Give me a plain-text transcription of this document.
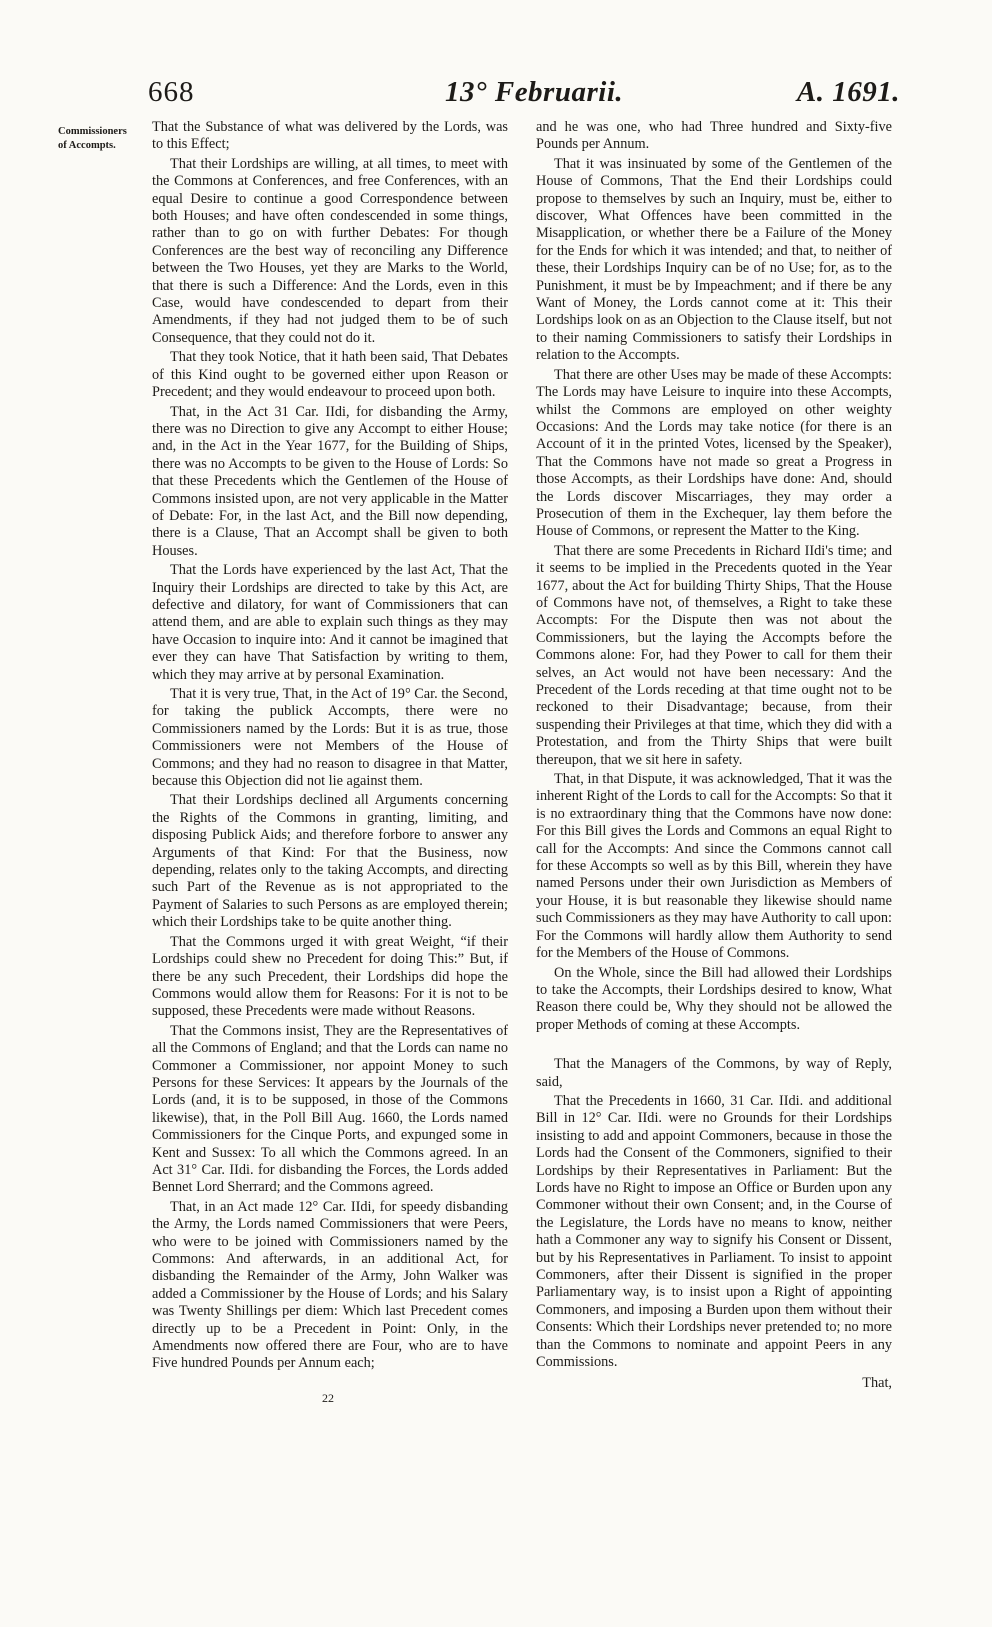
668	13° Februarii.	A. 1691.
Commissioners of Accompts.

That the Substance of what was delivered by the Lords, was to this Effect;

That their Lordships are willing, at all times, to meet with the Commons at Conferences, and free Conferences, with an equal Desire to continue a good Correspondence between both Houses; and have often condescended in some things, rather than to go on with further Debates: For though Conferences are the best way of reconciling any Difference between the Two Houses, yet they are Marks to the World, that there is such a Difference: And the Lords, even in this Case, would have condescended to depart from their Amendments, if they had not judged them to be of such Consequence, that they could not do it.

That they took Notice, that it hath been said, That Debates of this Kind ought to be governed either upon Reason or Precedent; and they would endeavour to proceed upon both.

That, in the Act 31 Car. IIdi, for disbanding the Army, there was no Direction to give any Accompt to either House; and, in the Act in the Year 1677, for the Building of Ships, there was no Accompts to be given to the House of Lords: So that these Precedents which the Gentlemen of the House of Commons insisted upon, are not very applicable in the Matter of Debate: For, in the last Act, and the Bill now depending, there is a Clause, That an Accompt shall be given to both Houses.

That the Lords have experienced by the last Act, That the Inquiry their Lordships are directed to take by this Act, are defective and dilatory, for want of Commissioners that can attend them, and are able to explain such things as they may have Occasion to inquire into: And it cannot be imagined that ever they can have That Satisfaction by writing to them, which they may arrive at by personal Examination.

That it is very true, That, in the Act of 19° Car. the Second, for taking the publick Accompts, there were no Commissioners named by the Lords: But it is as true, those Commissioners were not Members of the House of Commons; and they had no reason to disagree in that Matter, because this Objection did not lie against them.

That their Lordships declined all Arguments concerning the Rights of the Commons in granting, limiting, and disposing Publick Aids; and therefore forbore to answer any Arguments of that Kind: For that the Business, now depending, relates only to the taking Accompts, and directing such Part of the Revenue as is not appropriated to the Payment of Salaries to such Persons as are employed therein; which their Lordships take to be quite another thing.

That the Commons urged it with great Weight, “if their Lordships could shew no Precedent for doing This:” But, if there be any such Precedent, their Lordships did hope the Commons would allow them for Reasons: For it is not to be supposed, these Precedents were made without Reasons.

That the Commons insist, They are the Representatives of all the Commons of England; and that the Lords can name no Commoner a Commissioner, nor appoint Money to such Persons for these Services: It appears by the Journals of the Lords (and, it is to be supposed, in those of the Commons likewise), that, in the Poll Bill Aug. 1660, the Lords named Commissioners for the Cinque Ports, and expunged some in Kent and Sussex: To all which the Commons agreed. In an Act 31° Car. IIdi. for disbanding the Forces, the Lords added Bennet Lord Sherrard; and the Commons agreed.

That, in an Act made 12° Car. IIdi, for speedy disbanding the Army, the Lords named Commissioners that were Peers, who were to be joined with Commissioners named by the Commons: And afterwards, in an additional Act, for disbanding the Remainder of the Army, John Walker was added a Commissioner by the House of Lords; and his Salary was Twenty Shillings per diem: Which last Precedent comes directly up to be a Precedent in Point: Only, in the Amendments now offered there are Four, who are to have Five hundred Pounds per Annum each;

and he was one, who had Three hundred and Sixty-five Pounds per Annum.

That it was insinuated by some of the Gentlemen of the House of Commons, That the End their Lordships could propose to themselves by such an Inquiry, must be, either to discover, What Offences have been committed in the Misapplication, or whether there be a Failure of the Money for the Ends for which it was intended; and that, to neither of these, their Lordships Inquiry can be of no Use; for, as to the Punishment, it must be by Impeachment; and if there be any Want of Money, the Lords cannot come at it: This their Lordships look on as an Objection to the Clause itself, but not to their naming Commissioners to satisfy their Lordships in relation to the Accompts.

That there are other Uses may be made of these Accompts: The Lords may have Leisure to inquire into these Accompts, whilst the Commons are employed on other weighty Occasions: And the Lords may take notice (for there is an Account of it in the printed Votes, licensed by the Speaker), That the Commons have not made so great a Progress in those Accompts, as their Lordships have done: And, should the Lords discover Miscarriages, they may order a Prosecution of them in the Exchequer, lay them before the House of Commons, or represent the Matter to the King.

That there are some Precedents in Richard IIdi's time; and it seems to be implied in the Precedents quoted in the Year 1677, about the Act for building Thirty Ships, That the House of Commons have not, of themselves, a Right to take these Accompts: For the Dispute then was not about the Commissioners, but the laying the Accompts before the Commons alone: For, had they Power to call for them their selves, an Act would not have been necessary: And the Precedent of the Lords receding at that time ought not to be reckoned to their Disadvantage; because, from their suspending their Privileges at that time, which they did with a Protestation, and from the Thirty Ships that were built thereupon, that we sit here in safety.

That, in that Dispute, it was acknowledged, That it was the inherent Right of the Lords to call for the Accompts: So that it is no extraordinary thing that the Commons have now done: For this Bill gives the Lords and Commons an equal Right to call for the Accompts: And since the Commons cannot call for these Accompts so well as by this Bill, wherein they have named Persons under their own Jurisdiction as Members of your House, it is but reasonable they likewise should name such Commissioners as they may have Authority to call upon: For the Commons will hardly allow them Authority to send for the Members of the House of Commons.

On the Whole, since the Bill had allowed their Lordships to take the Accompts, their Lordships desired to know, What Reason there could be, Why they should not be allowed the proper Methods of coming at these Accompts.

That the Managers of the Commons, by way of Reply, said,

That the Precedents in 1660, 31 Car. IIdi. and additional Bill in 12° Car. IIdi. were no Grounds for their Lordships insisting to add and appoint Commoners, because in those the Lords had the Consent of the Commoners, signified to their Lordships by their Representatives in Parliament: But the Lords have no Right to impose an Office or Burden upon any Commoner without their own Consent; and, in the Course of the Legislature, the Lords have no means to know, neither hath a Commoner any way to signify his Consent or Dissent, but by his Representatives in Parliament. To insist to appoint Commoners, after their Dissent is signified in the proper Parliamentary way, is to insist upon a Right of appointing Commoners, and imposing a Burden upon them without their Consents: Which their Lordships never pretended to; no more than the Commons to nominate and appoint Peers in any Commissions.

That,

22
